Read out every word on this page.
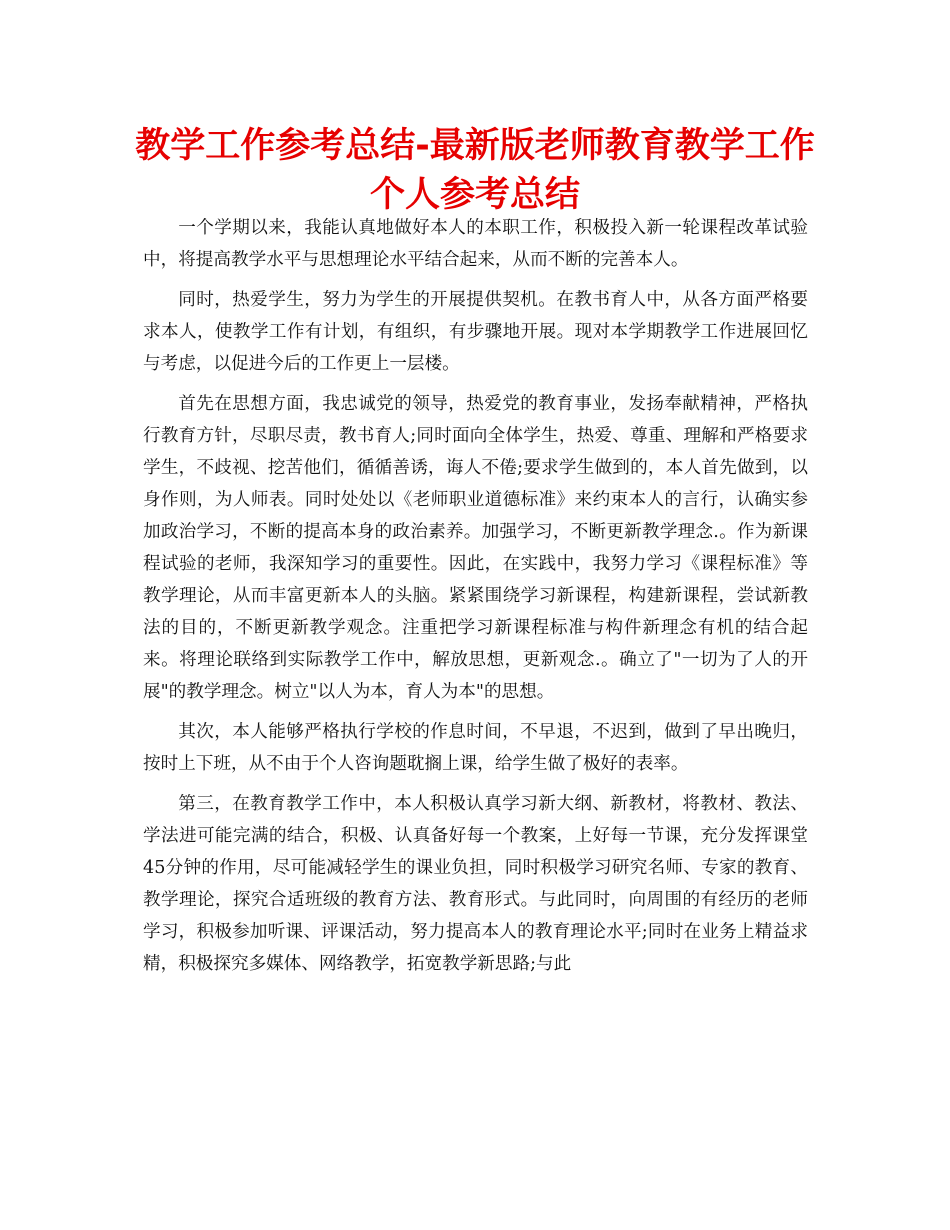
教学工作参考总结-最新版老师教育教学工作个人参考总结

一个学期以来，我能认真地做好本人的本职工作，积极投入新一轮课程改革试验中，将提高教学水平与思想理论水平结合起来，从而不断的完善本人。

同时，热爱学生，努力为学生的开展提供契机。在教书育人中，从各方面严格要求本人，使教学工作有计划，有组织，有步骤地开展。现对本学期教学工作进展回忆与考虑，以促进今后的工作更上一层楼。

首先在思想方面，我忠诚党的领导，热爱党的教育事业，发扬奉献精神，严格执行教育方针，尽职尽责，教书育人;同时面向全体学生，热爱、尊重、理解和严格要求学生，不歧视、挖苦他们，循循善诱，诲人不倦;要求学生做到的，本人首先做到，以身作则，为人师表。同时处处以《老师职业道德标准》来约束本人的言行，认确实参加政治学习，不断的提高本身的政治素养。加强学习，不断更新教学理念.。作为新课程试验的老师，我深知学习的重要性。因此，在实践中，我努力学习《课程标准》等教学理论，从而丰富更新本人的头脑。紧紧围绕学习新课程，构建新课程，尝试新教法的目的，不断更新教学观念。注重把学习新课程标准与构件新理念有机的结合起来。将理论联络到实际教学工作中，解放思想，更新观念.。确立了"一切为了人的开展"的教学理念。树立"以人为本，育人为本"的思想。

其次，本人能够严格执行学校的作息时间，不早退，不迟到，做到了早出晚归，按时上下班，从不由于个人咨询题耽搁上课，给学生做了极好的表率。

第三，在教育教学工作中，本人积极认真学习新大纲、新教材，将教材、教法、学法进可能完满的结合，积极、认真备好每一个教案，上好每一节课，充分发挥课堂45分钟的作用，尽可能减轻学生的课业负担，同时积极学习研究名师、专家的教育、教学理论，探究合适班级的教育方法、教育形式。与此同时，向周围的有经历的老师学习，积极参加听课、评课活动，努力提高本人的教育理论水平;同时在业务上精益求精，积极探究多媒体、网络教学，拓宽教学新思路;与此
